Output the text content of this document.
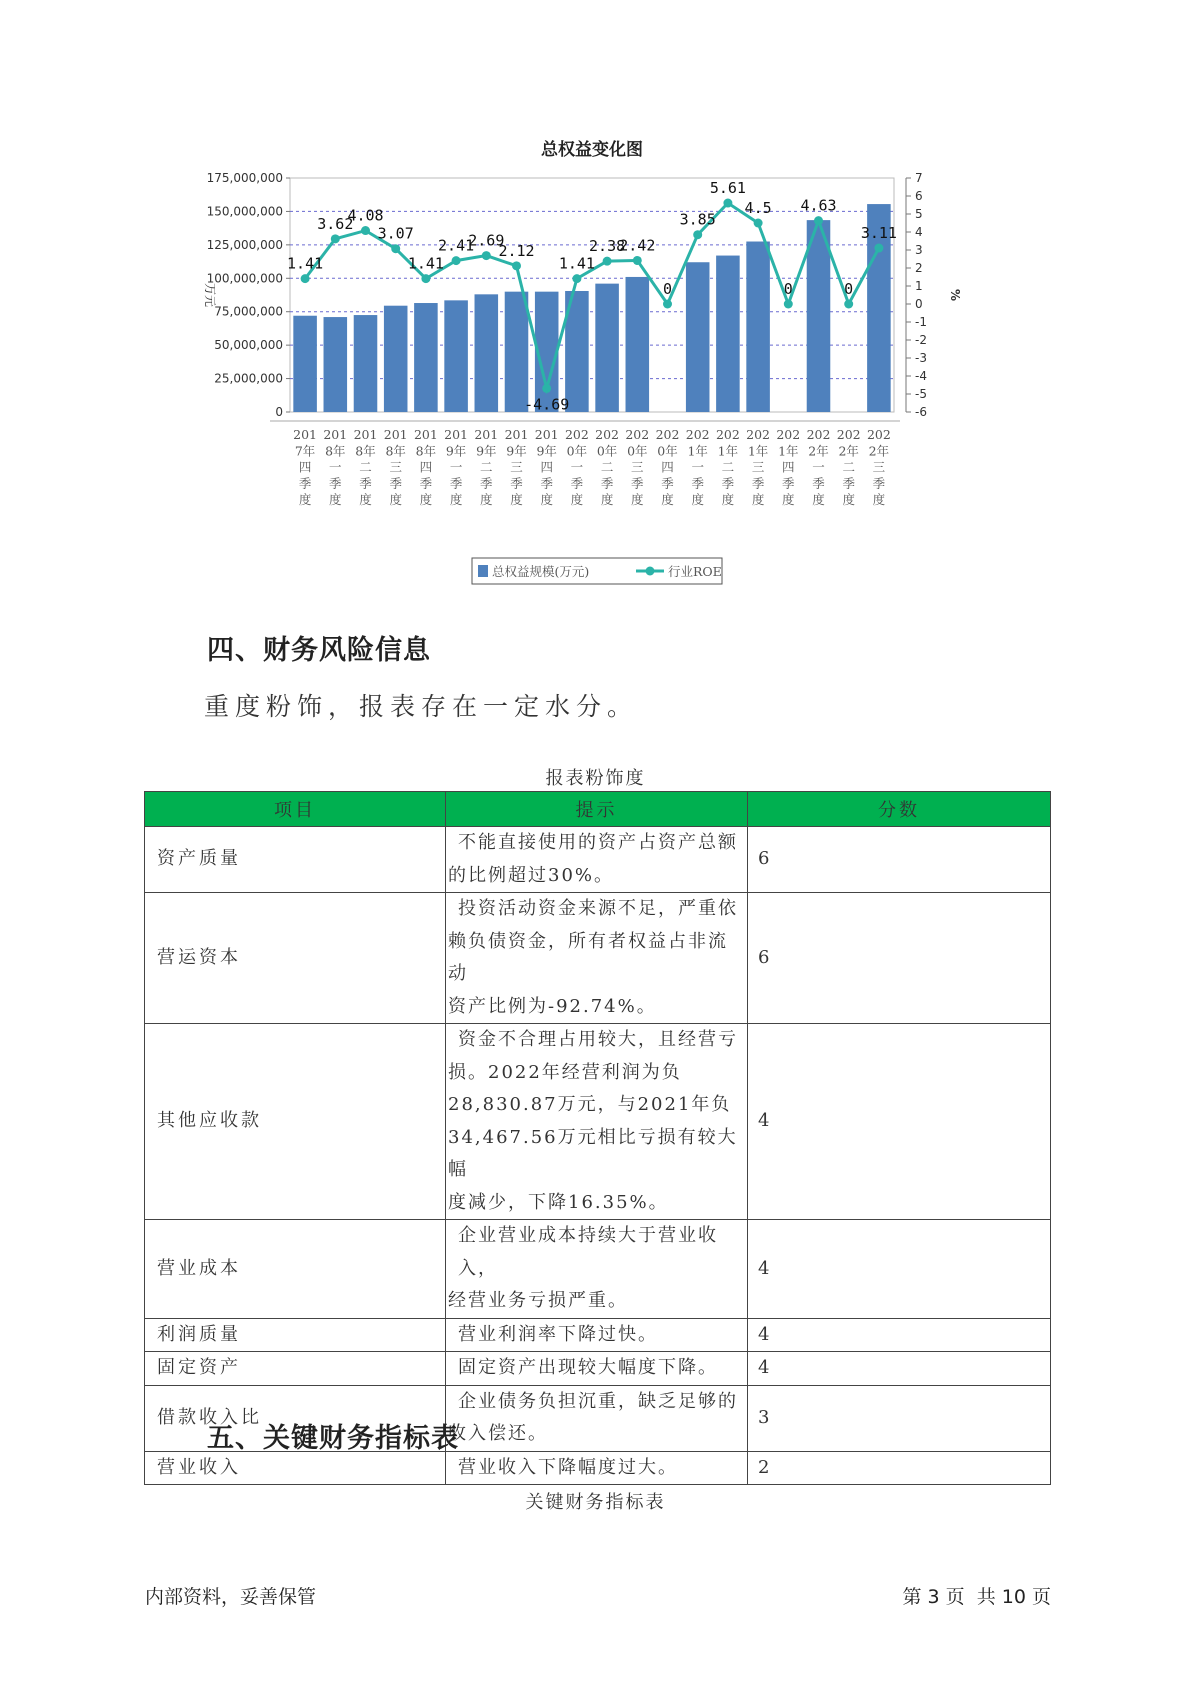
总权益变化图
175,000,000
150,000,000
125,000,000
100,000,000
75,000,000
50,000,000
25,000,000
0
7
6
5
4
3
2
1
0
-1
-2
-3
-4
-5
-6
万元	%
1.41
3.62
4.08
3.07
1.41
2.41
2.69
2.12
-4.69
1.41
2.38
2.42
0
3.85
5.61
4.5
0
4.63
0
3.11
201
7年
四
季
度
201
8年
一
季
度
201
8年
二
季
度
201
8年
三
季
度
201
8年
四
季
度
201
9年
一
季
度
201
9年
二
季
度
201
9年
三
季
度
201
9年
四
季
度
202
0年
一
季
度
202
0年
二
季
度
202
0年
三
季
度
202
0年
四
季
度
202
1年
一
季
度
202
1年
二
季
度
202
1年
三
季
度
202
1年
四
季
度
202
2年
一
季
度
202
2年
二
季
度
202
2年
三
季
度
总权益规模(万元)	行业ROE
四、财务风险信息
重度粉饰，报表存在一定水分。
报表粉饰度
项目	提示	分数
资产质量	不能直接使用的资产占资产总额
的比例超过30%。	6
营运资本	投资活动资金来源不足，严重依
赖负债资金，所有者权益占非流动
资产比例为-92.74%。	6
其他应收款	资金不合理占用较大，且经营亏
损。2022年经营利润为负
28,830.87万元，与2021年负
34,467.56万元相比亏损有较大幅
度减少，下降16.35%。	4
营业成本	企业营业成本持续大于营业收入，
经营业务亏损严重。	4
利润质量	营业利润率下降过快。	4
固定资产	固定资产出现较大幅度下降。	4
借款收入比	企业债务负担沉重，缺乏足够的
收入偿还。	3
营业收入	营业收入下降幅度过大。	2
五、关键财务指标表
关键财务指标表
内部资料，妥善保管	第 3 页  共 10 页
